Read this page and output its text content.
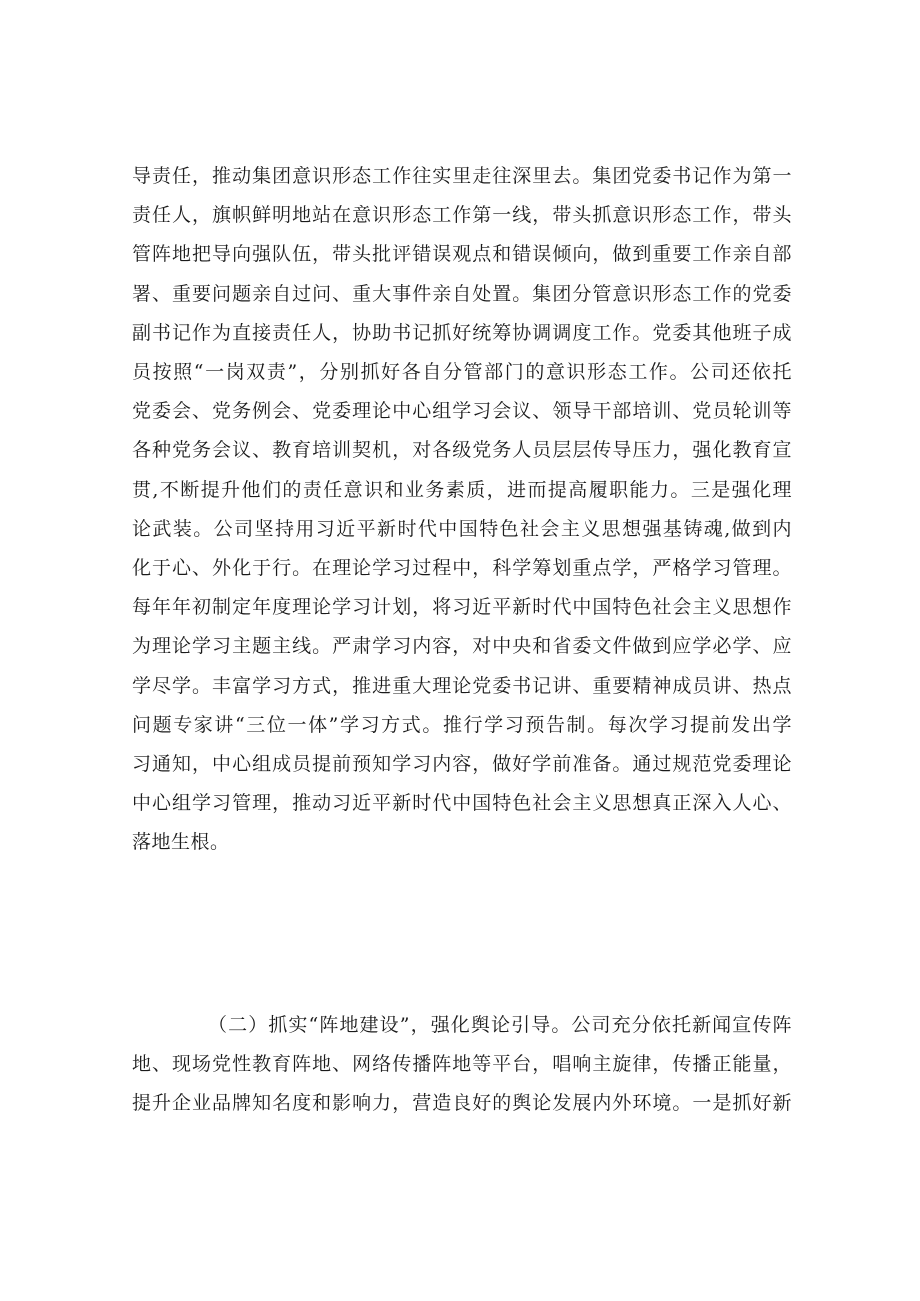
导责任，推动集团意识形态工作往实里走往深里去。集团党委书记作为第一
责任人，旗帜鲜明地站在意识形态工作第一线，带头抓意识形态工作，带头
管阵地把导向强队伍，带头批评错误观点和错误倾向，做到重要工作亲自部
署、重要问题亲自过问、重大事件亲自处置。集团分管意识形态工作的党委
副书记作为直接责任人，协助书记抓好统筹协调调度工作。党委其他班子成
员按照“一岗双责”，分别抓好各自分管部门的意识形态工作。公司还依托
党委会、党务例会、党委理论中心组学习会议、领导干部培训、党员轮训等
各种党务会议、教育培训契机，对各级党务人员层层传导压力，强化教育宣
贯,不断提升他们的责任意识和业务素质，进而提高履职能力。三是强化理
论武装。公司坚持用习近平新时代中国特色社会主义思想强基铸魂,做到内
化于心、外化于行。在理论学习过程中，科学筹划重点学，严格学习管理。
每年年初制定年度理论学习计划，将习近平新时代中国特色社会主义思想作
为理论学习主题主线。严肃学习内容，对中央和省委文件做到应学必学、应
学尽学。丰富学习方式，推进重大理论党委书记讲、重要精神成员讲、热点
问题专家讲“三位一体”学习方式。推行学习预告制。每次学习提前发出学
习通知，中心组成员提前预知学习内容，做好学前准备。通过规范党委理论
中心组学习管理，推动习近平新时代中国特色社会主义思想真正深入人心、
落地生根。

（二）抓实“阵地建设”，强化舆论引导。公司充分依托新闻宣传阵
地、现场党性教育阵地、网络传播阵地等平台，唱响主旋律，传播正能量，
提升企业品牌知名度和影响力，营造良好的舆论发展内外环境。一是抓好新
